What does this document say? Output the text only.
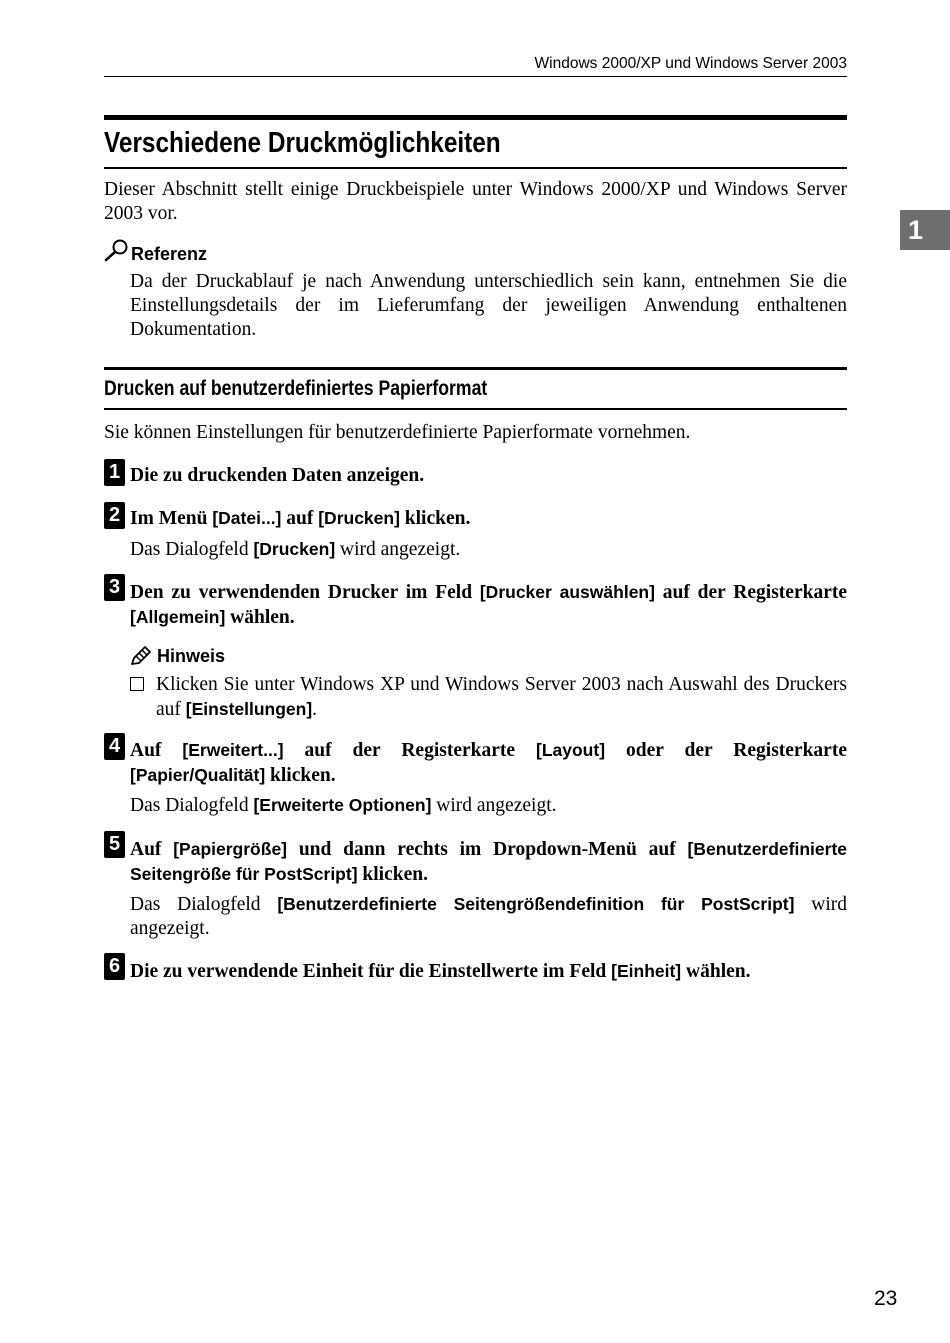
Windows 2000/XP und Windows Server 2003
1
Verschiedene Druckmöglichkeiten

Dieser Abschnitt stellt einige Druckbeispiele unter Windows 2000/XP und Windows Server 2003 vor.

Referenz

Da der Druckablauf je nach Anwendung unterschiedlich sein kann, entnehmen Sie die Einstellungsdetails der im Lieferumfang der jeweiligen Anwendung enthaltenen Dokumentation.

Drucken auf benutzerdefiniertes Papierformat

Sie können Einstellungen für benutzerdefinierte Papierformate vornehmen.

1 Die zu druckenden Daten anzeigen.

2 Im Menü [Datei...] auf [Drucken] klicken.

Das Dialogfeld [Drucken] wird angezeigt.

3 Den zu verwendenden Drucker im Feld [Drucker auswählen] auf der Registerkarte [Allgemein] wählen.

Hinweis

Klicken Sie unter Windows XP und Windows Server 2003 nach Auswahl des Druckers auf [Einstellungen].

4 Auf [Erweitert...] auf der Registerkarte [Layout] oder der Registerkarte [Papier/Qualität] klicken.

Das Dialogfeld [Erweiterte Optionen] wird angezeigt.

5 Auf [Papiergröße] und dann rechts im Dropdown-Menü auf [Benutzerdefinierte Seitengröße für PostScript] klicken.

Das Dialogfeld [Benutzerdefinierte Seitengrößendefinition für PostScript] wird angezeigt.

6 Die zu verwendende Einheit für die Einstellwerte im Feld [Einheit] wählen.

23
